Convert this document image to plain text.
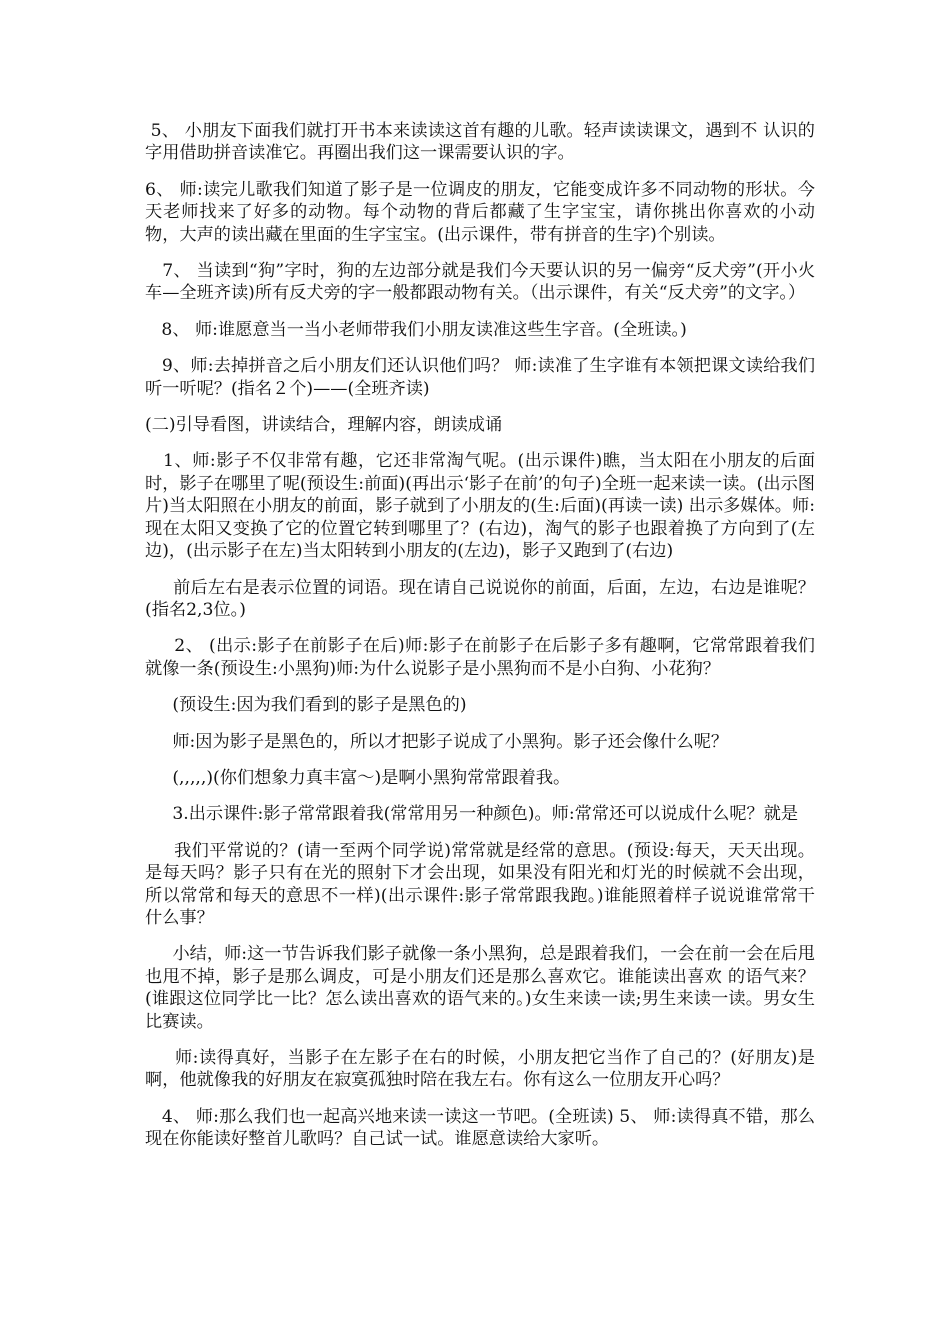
5、 小朋友下面我们就打开书本来读读这首有趣的儿歌。轻声读读课文，遇到不 认识的字用借助拼音读准它。再圈出我们这一课需要认识的字。

6、 师:读完儿歌我们知道了影子是一位调皮的朋友，它能变成许多不同动物的形状。今天老师找来了好多的动物。每个动物的背后都藏了生字宝宝，请你挑出你喜欢的小动物，大声的读出藏在里面的生字宝宝。(出示课件，带有拼音的生字)个别读。

7、 当读到“狗”字时，狗的左边部分就是我们今天要认识的另一偏旁“反犬旁”(开小火车—全班齐读)所有反犬旁的字一般都跟动物有关。（出示课件，有关“反犬旁”的文字。）

8、 师:谁愿意当一当小老师带我们小朋友读准这些生字音。(全班读。)

9、师:去掉拼音之后小朋友们还认识他们吗？ 师:读准了生字谁有本领把课文读给我们听一听呢？(指名２个)——(全班齐读)

(二)引导看图，讲读结合，理解内容，朗读成诵

1、师:影子不仅非常有趣，它还非常淘气呢。(出示课件)瞧，当太阳在小朋友的后面时，影子在哪里了呢(预设生:前面)(再出示‘影子在前’的句子)全班一起来读一读。(出示图片)当太阳照在小朋友的前面，影子就到了小朋友的(生:后面)(再读一读) 出示多媒体。师:现在太阳又变换了它的位置它转到哪里了？(右边)，淘气的影子也跟着换了方向到了(左边)，(出示影子在左)当太阳转到小朋友的(左边)，影子又跑到了(右边)

前后左右是表示位置的词语。现在请自己说说你的前面，后面，左边，右边是谁呢？(指名2,3位。)

2、 (出示:影子在前影子在后)师:影子在前影子在后影子多有趣啊，它常常跟着我们就像一条(预设生:小黑狗)师:为什么说影子是小黑狗而不是小白狗、小花狗？

(预设生:因为我们看到的影子是黑色的)

师:因为影子是黑色的，所以才把影子说成了小黑狗。影子还会像什么呢？

(,,,,,)(你们想象力真丰富～)是啊小黑狗常常跟着我。

3.出示课件:影子常常跟着我(常常用另一种颜色)。师:常常还可以说成什么呢？就是

我们平常说的？(请一至两个同学说)常常就是经常的意思。(预设:每天，天天出现。是每天吗？影子只有在光的照射下才会出现，如果没有阳光和灯光的时候就不会出现，所以常常和每天的意思不一样)(出示课件:影子常常跟我跑。)谁能照着样子说说谁常常干什么事？

小结，师:这一节告诉我们影子就像一条小黑狗，总是跟着我们，一会在前一会在后甩也甩不掉，影子是那么调皮，可是小朋友们还是那么喜欢它。谁能读出喜欢 的语气来？(谁跟这位同学比一比？怎么读出喜欢的语气来的。)女生来读一读;男生来读一读。男女生比赛读。

师:读得真好，当影子在左影子在右的时候，小朋友把它当作了自己的？(好朋友)是啊，他就像我的好朋友在寂寞孤独时陪在我左右。你有这么一位朋友开心吗？

4、 师:那么我们也一起高兴地来读一读这一节吧。(全班读) 5、 师:读得真不错，那么现在你能读好整首儿歌吗？自己试一试。谁愿意读给大家听。
